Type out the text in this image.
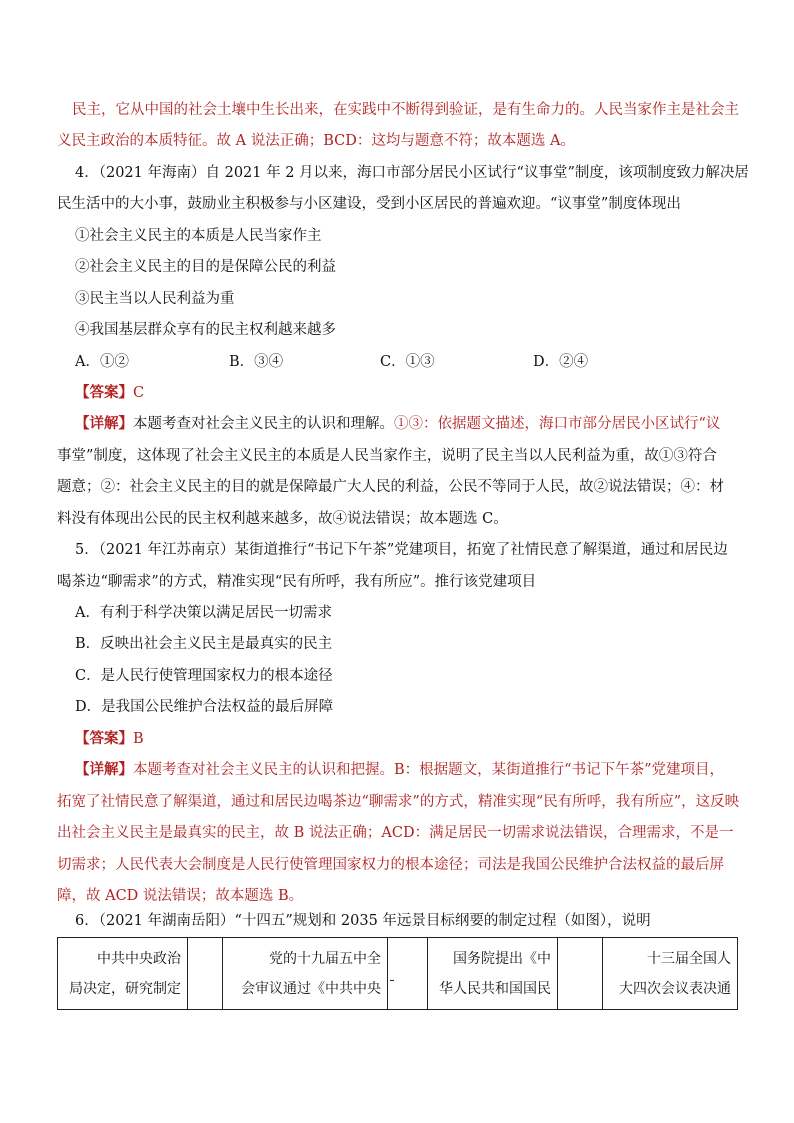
民主，它从中国的社会土壤中生长出来，在实践中不断得到验证，是有生命力的。人民当家作主是社会主
义民主政治的本质特征。故 A 说法正确；BCD：这均与题意不符；故本题选 A。
4．（2021 年海南）自 2021 年 2 月以来，海口市部分居民小区试行“议事堂”制度，该项制度致力解决居
民生活中的大小事，鼓励业主积极参与小区建设，受到小区居民的普遍欢迎。“议事堂”制度体现出
①社会主义民主的本质是人民当家作主
②社会主义民主的目的是保障公民的利益
③民主当以人民利益为重
④我国基层群众享有的民主权利越来越多
A．①②	B．③④	C．①③	D．②④
【答案】C
【详解】本题考查对社会主义民主的认识和理解。①③：依据题文描述，海口市部分居民小区试行“议
事堂”制度，这体现了社会主义民主的本质是人民当家作主，说明了民主当以人民利益为重，故①③符合
题意；②：社会主义民主的目的就是保障最广大人民的利益，公民不等同于人民，故②说法错误；④：材
料没有体现出公民的民主权利越来越多，故④说法错误；故本题选 C。
5．（2021 年江苏南京）某街道推行“书记下午茶”党建项目，拓宽了社情民意了解渠道，通过和居民边
喝茶边“聊需求”的方式，精准实现“民有所呼，我有所应”。推行该党建项目
A．有利于科学决策以满足居民一切需求
B．反映出社会主义民主是最真实的民主
C．是人民行使管理国家权力的根本途径
D．是我国公民维护合法权益的最后屏障
【答案】B
【详解】本题考查对社会主义民主的认识和把握。B：根据题文，某街道推行“书记下午茶”党建项目，
拓宽了社情民意了解渠道，通过和居民边喝茶边“聊需求”的方式，精准实现“民有所呼，我有所应”，这反映
出社会主义民主是最真实的民主，故 B 说法正确；ACD：满足居民一切需求说法错误，合理需求，不是一
切需求；人民代表大会制度是人民行使管理国家权力的根本途径；司法是我国公民维护合法权益的最后屏
障，故 ACD 说法错误；故本题选 B。
6．（2021 年湖南岳阳）“十四五”规划和 2035 年远景目标纲要的制定过程（如图），说明
中共中央政治
局决定，研究制定

党的十九届五中全
会审议通过《中共中央

国务院提出《中
华人民共和国国民

十三届全国人
大四次会议表决通
